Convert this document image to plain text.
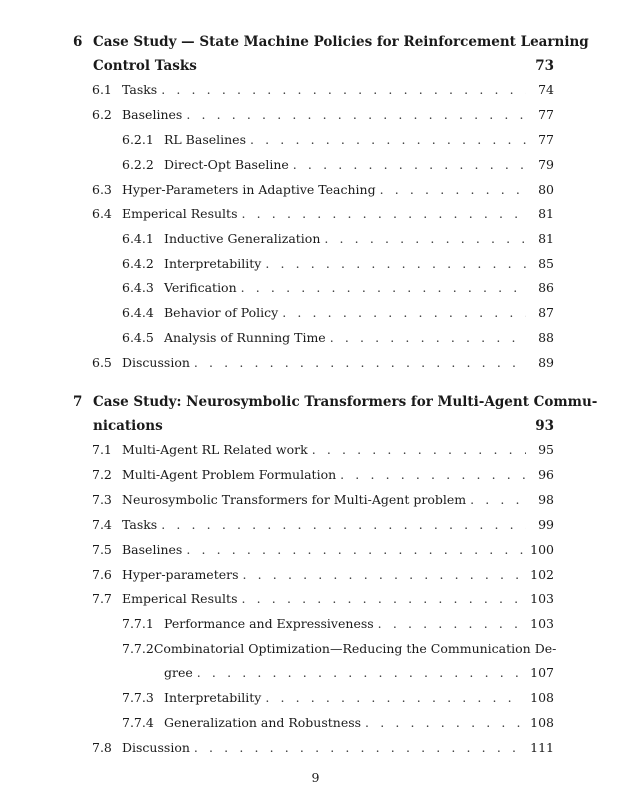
6 Case Study — State Machine Policies for Reinforcement Learning
Control Tasks	73
6.1 Tasks . . .	74
6.2 Baselines . . .	77
6.2.1 RL Baselines . . .	77
6.2.2 Direct-Opt Baseline . . .	79
6.3 Hyper-Parameters in Adaptive Teaching . . .	80
6.4 Emperical Results . . .	81
6.4.1 Inductive Generalization . . .	81
6.4.2 Interpretability . . .	85
6.4.3 Verification . . .	86
6.4.4 Behavior of Policy . . .	87
6.4.5 Analysis of Running Time . . .	88
6.5 Discussion . . .	89
7 Case Study: Neurosymbolic Transformers for Multi-Agent Commu-
nications	93
7.1 Multi-Agent RL Related work . . .	95
7.2 Multi-Agent Problem Formulation . . .	96
7.3 Neurosymbolic Transformers for Multi-Agent problem . . .	98
7.4 Tasks . . .	99
7.5 Baselines . . .	100
7.6 Hyper-parameters . . .	102
7.7 Emperical Results . . .	103
7.7.1 Performance and Expressiveness . . .	103
7.7.2 Combinatorial Optimization—Reducing the Communication De-
gree . . .	107
7.7.3 Interpretability . . .	108
7.7.4 Generalization and Robustness . . .	108
7.8 Discussion . . .	111
9
